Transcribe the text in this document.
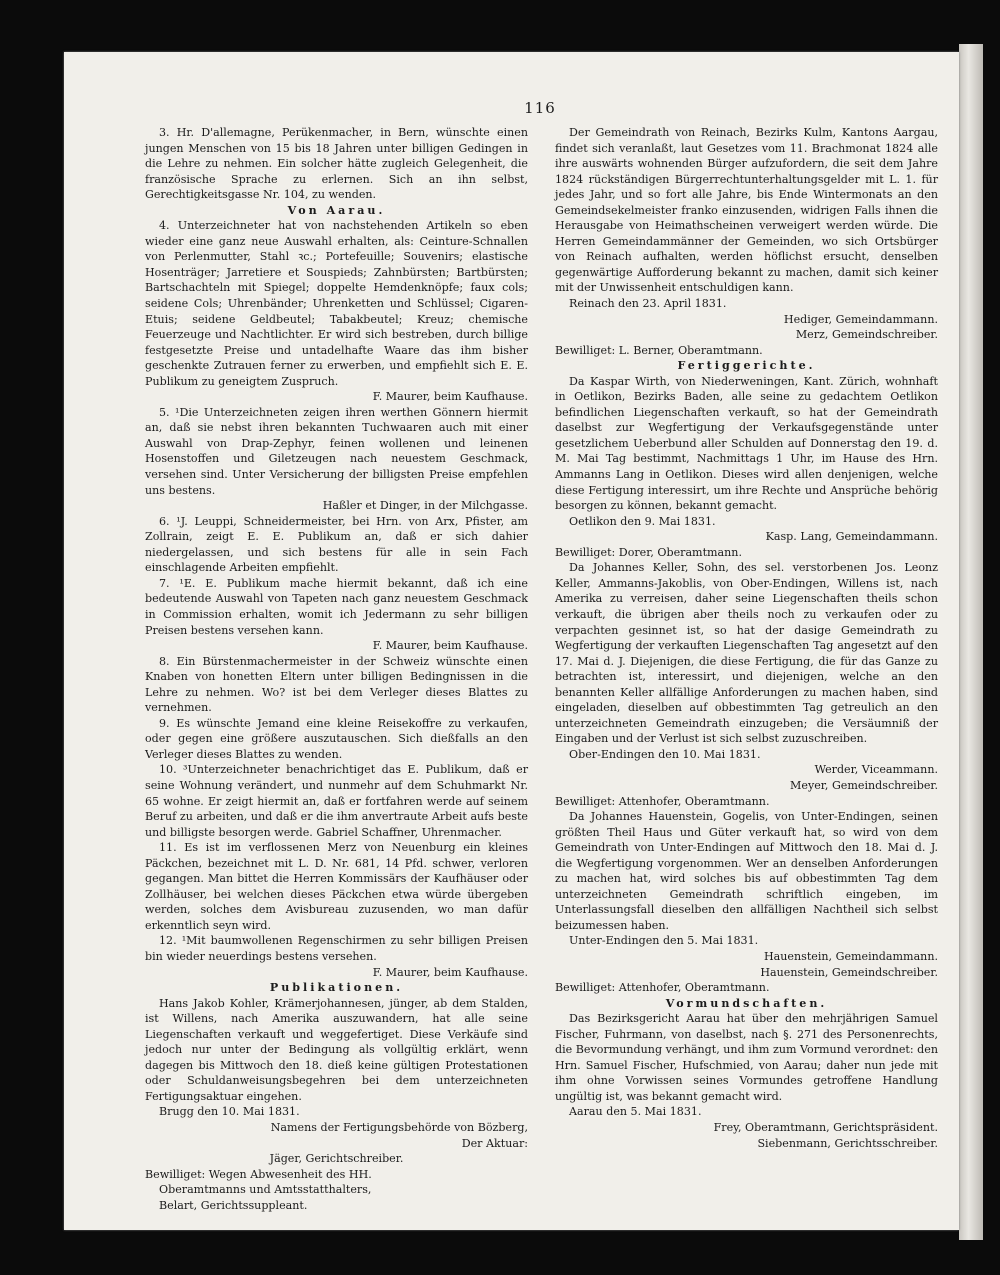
116

3. Hr. D'allemagne, Perükenmacher, in Bern, wünschte einen jungen Menschen von 15 bis 18 Jahren unter billigen Gedingen in die Lehre zu nehmen. Ein solcher hätte zugleich Gelegenheit, die französische Sprache zu erlernen. Sich an ihn selbst, Gerechtigkeitsgasse Nr. 104, zu wenden.

Von Aarau.

4. Unterzeichneter hat von nachstehenden Artikeln so eben wieder eine ganz neue Auswahl erhalten, als: Ceinture-Schnallen von Perlenmutter, Stahl ꝛc.; Portefeuille; Souvenirs; elastische Hosenträger; Jarretiere et Souspieds; Zahnbürsten; Bartbürsten; Bartschachteln mit Spiegel; doppelte Hemdenknöpfe; faux cols; seidene Cols; Uhrenbänder; Uhrenketten und Schlüssel; Cigaren-Etuis; seidene Geldbeutel; Tabakbeutel; Kreuz; chemische Feuerzeuge und Nachtlichter. Er wird sich bestreben, durch billige festgesetzte Preise und untadelhafte Waare das ihm bisher geschenkte Zutrauen ferner zu erwerben, und empfiehlt sich E. E. Publikum zu geneigtem Zuspruch.

F. Maurer, beim Kaufhause.

5. ¹Die Unterzeichneten zeigen ihren werthen Gönnern hiermit an, daß sie nebst ihren bekannten Tuchwaaren auch mit einer Auswahl von Drap-Zephyr, feinen wollenen und leinenen Hosenstoffen und Giletzeugen nach neuestem Geschmack, versehen sind. Unter Versicherung der billigsten Preise empfehlen uns bestens.

Haßler et Dinger, in der Milchgasse.

6. ¹J. Leuppi, Schneidermeister, bei Hrn. von Arx, Pfister, am Zollrain, zeigt E. E. Publikum an, daß er sich dahier niedergelassen, und sich bestens für alle in sein Fach einschlagende Arbeiten empfiehlt.

7. ¹E. E. Publikum mache hiermit bekannt, daß ich eine bedeutende Auswahl von Tapeten nach ganz neuestem Geschmack in Commission erhalten, womit ich Jedermann zu sehr billigen Preisen bestens versehen kann.

F. Maurer, beim Kaufhause.

8. Ein Bürstenmachermeister in der Schweiz wünschte einen Knaben von honetten Eltern unter billigen Bedingnissen in die Lehre zu nehmen. Wo? ist bei dem Verleger dieses Blattes zu vernehmen.

9. Es wünschte Jemand eine kleine Reisekoffre zu verkaufen, oder gegen eine größere auszutauschen. Sich dießfalls an den Verleger dieses Blattes zu wenden.

10. ³Unterzeichneter benachrichtiget das E. Publikum, daß er seine Wohnung verändert, und nunmehr auf dem Schuhmarkt Nr. 65 wohne. Er zeigt hiermit an, daß er fortfahren werde auf seinem Beruf zu arbeiten, und daß er die ihm anvertraute Arbeit aufs beste und billigste besorgen werde. Gabriel Schaffner, Uhrenmacher.

11. Es ist im verflossenen Merz von Neuenburg ein kleines Päckchen, bezeichnet mit L. D. Nr. 681, 14 Pfd. schwer, verloren gegangen. Man bittet die Herren Kommissärs der Kaufhäuser oder Zollhäuser, bei welchen dieses Päckchen etwa würde übergeben werden, solches dem Avisbureau zuzusenden, wo man dafür erkenntlich seyn wird.

12. ¹Mit baumwollenen Regenschirmen zu sehr billigen Preisen bin wieder neuerdings bestens versehen.

F. Maurer, beim Kaufhause.

Publikationen.

Hans Jakob Kohler, Krämerjohannesen, jünger, ab dem Stalden, ist Willens, nach Amerika auszuwandern, hat alle seine Liegenschaften verkauft und weggefertiget. Diese Verkäufe sind jedoch nur unter der Bedingung als vollgültig erklärt, wenn dagegen bis Mittwoch den 18. dieß keine gültigen Protestationen oder Schuldanweisungsbegehren bei dem unterzeichneten Fertigungsaktuar eingehen.

Brugg den 10. Mai 1831.

Namens der Fertigungsbehörde von Bözberg,

Der Aktuar:

Jäger, Gerichtschreiber.

Bewilliget: Wegen Abwesenheit des HH.

Oberamtmanns und Amtsstatthalters,

Belart, Gerichtssuppleant.

Der Gemeindrath von Reinach, Bezirks Kulm, Kantons Aargau, findet sich veranlaßt, laut Gesetzes vom 11. Brachmonat 1824 alle ihre auswärts wohnenden Bürger aufzufordern, die seit dem Jahre 1824 rückständigen Bürgerrechtunterhaltungsgelder mit L. 1. für jedes Jahr, und so fort alle Jahre, bis Ende Wintermonats an den Gemeindsekelmeister franko einzusenden, widrigen Falls ihnen die Herausgabe von Heimathscheinen verweigert werden würde. Die Herren Gemeindammänner der Gemeinden, wo sich Ortsbürger von Reinach aufhalten, werden höflichst ersucht, denselben gegenwärtige Aufforderung bekannt zu machen, damit sich keiner mit der Unwissenheit entschuldigen kann.

Reinach den 23. April 1831.

Hediger, Gemeindammann.

Merz, Gemeindschreiber.

Bewilliget: L. Berner, Oberamtmann.

Fertiggerichte.

Da Kaspar Wirth, von Niederweningen, Kant. Zürich, wohnhaft in Oetlikon, Bezirks Baden, alle seine zu gedachtem Oetlikon befindlichen Liegenschaften verkauft, so hat der Gemeindrath daselbst zur Wegfertigung der Verkaufsgegenstände unter gesetzlichem Ueberbund aller Schulden auf Donnerstag den 19. d. M. Mai Tag bestimmt, Nachmittags 1 Uhr, im Hause des Hrn. Ammanns Lang in Oetlikon. Dieses wird allen denjenigen, welche diese Fertigung interessirt, um ihre Rechte und Ansprüche behörig besorgen zu können, bekannt gemacht.

Oetlikon den 9. Mai 1831.

Kasp. Lang, Gemeindammann.

Bewilliget: Dorer, Oberamtmann.

Da Johannes Keller, Sohn, des sel. verstorbenen Jos. Leonz Keller, Ammanns-Jakoblis, von Ober-Endingen, Willens ist, nach Amerika zu verreisen, daher seine Liegenschaften theils schon verkauft, die übrigen aber theils noch zu verkaufen oder zu verpachten gesinnet ist, so hat der dasige Gemeindrath zu Wegfertigung der verkauften Liegenschaften Tag angesetzt auf den 17. Mai d. J. Diejenigen, die diese Fertigung, die für das Ganze zu betrachten ist, interessirt, und diejenigen, welche an den benannten Keller allfällige Anforderungen zu machen haben, sind eingeladen, dieselben auf obbestimmten Tag getreulich an den unterzeichneten Gemeindrath einzugeben; die Versäumniß der Eingaben und der Verlust ist sich selbst zuzuschreiben.

Ober-Endingen den 10. Mai 1831.

Werder, Viceammann.

Meyer, Gemeindschreiber.

Bewilliget: Attenhofer, Oberamtmann.

Da Johannes Hauenstein, Gogelis, von Unter-Endingen, seinen größten Theil Haus und Güter verkauft hat, so wird von dem Gemeindrath von Unter-Endingen auf Mittwoch den 18. Mai d. J. die Wegfertigung vorgenommen. Wer an denselben Anforderungen zu machen hat, wird solches bis auf obbestimmten Tag dem unterzeichneten Gemeindrath schriftlich eingeben, im Unterlassungsfall dieselben den allfälligen Nachtheil sich selbst beizumessen haben.

Unter-Endingen den 5. Mai 1831.

Hauenstein, Gemeindammann.

Hauenstein, Gemeindschreiber.

Bewilliget: Attenhofer, Oberamtmann.

Vormundschaften.

Das Bezirksgericht Aarau hat über den mehrjährigen Samuel Fischer, Fuhrmann, von daselbst, nach §. 271 des Personenrechts, die Bevormundung verhängt, und ihm zum Vormund verordnet: den Hrn. Samuel Fischer, Hufschmied, von Aarau; daher nun jede mit ihm ohne Vorwissen seines Vormundes getroffene Handlung ungültig ist, was bekannt gemacht wird.

Aarau den 5. Mai 1831.

Frey, Oberamtmann, Gerichtspräsident.

Siebenmann, Gerichtsschreiber.
